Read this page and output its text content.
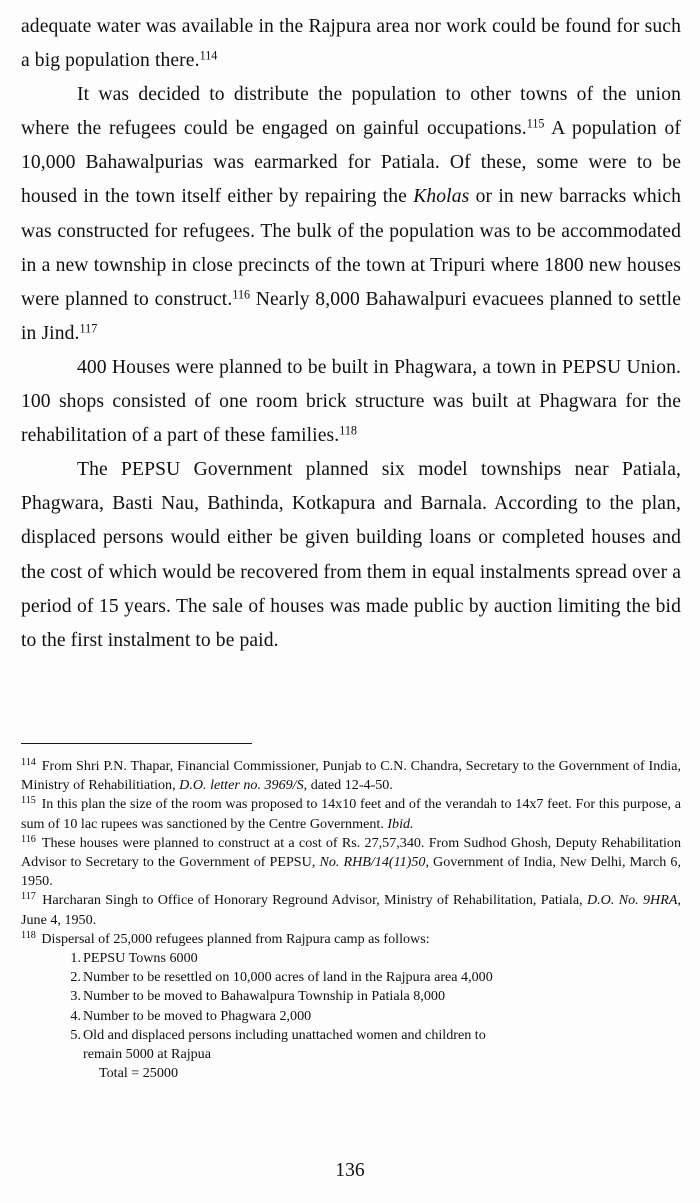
adequate water was available in the Rajpura area nor work could be found for such a big population there.$^{114}$

It was decided to distribute the population to other towns of the union where the refugees could be engaged on gainful occupations.$^{115}$ A population of 10,000 Bahawalpurias was earmarked for Patiala. Of these, some were to be housed in the town itself either by repairing the Kholas or in new barracks which was constructed for refugees. The bulk of the population was to be accommodated in a new township in close precincts of the town at Tripuri where 1800 new houses were planned to construct.$^{116}$ Nearly 8,000 Bahawalpuri evacuees planned to settle in Jind.$^{117}$

400 Houses were planned to be built in Phagwara, a town in PEPSU Union. 100 shops consisted of one room brick structure was built at Phagwara for the rehabilitation of a part of these families.$^{118}$

The PEPSU Government planned six model townships near Patiala, Phagwara, Basti Nau, Bathinda, Kotkapura and Barnala. According to the plan, displaced persons would either be given building loans or completed houses and the cost of which would be recovered from them in equal instalments spread over a period of 15 years. The sale of houses was made public by auction limiting the bid to the first instalment to be paid.

$^{114}$ From Shri P.N. Thapar, Financial Commissioner, Punjab to C.N. Chandra, Secretary to the Government of India, Ministry of Rehabilitiation, D.O. letter no. 3969/S, dated 12-4-50.

$^{115}$ In this plan the size of the room was proposed to 14x10 feet and of the verandah to 14x7 feet. For this purpose, a sum of 10 lac rupees was sanctioned by the Centre Government. Ibid.

$^{116}$ These houses were planned to construct at a cost of Rs. 27,57,340. From Sudhod Ghosh, Deputy Rehabilitation Advisor to Secretary to the Government of PEPSU, No. RHB/14(11)50, Government of India, New Delhi, March 6, 1950.

$^{117}$ Harcharan Singh to Office of Honorary Reground Advisor, Ministry of Rehabilitation, Patiala, D.O. No. 9HRA, June 4, 1950.

$^{118}$ Dispersal of 25,000 refugees planned from Rajpura camp as follows:

1. PEPSU Towns 6000
2. Number to be resettled on 10,000 acres of land in the Rajpura area 4,000
3. Number to be moved to Bahawalpura Township in Patiala 8,000
4. Number to be moved to Phagwara 2,000
5. Old and displaced persons including unattached women and children to
remain 5000 at Rajpua
Total = 25000
136
